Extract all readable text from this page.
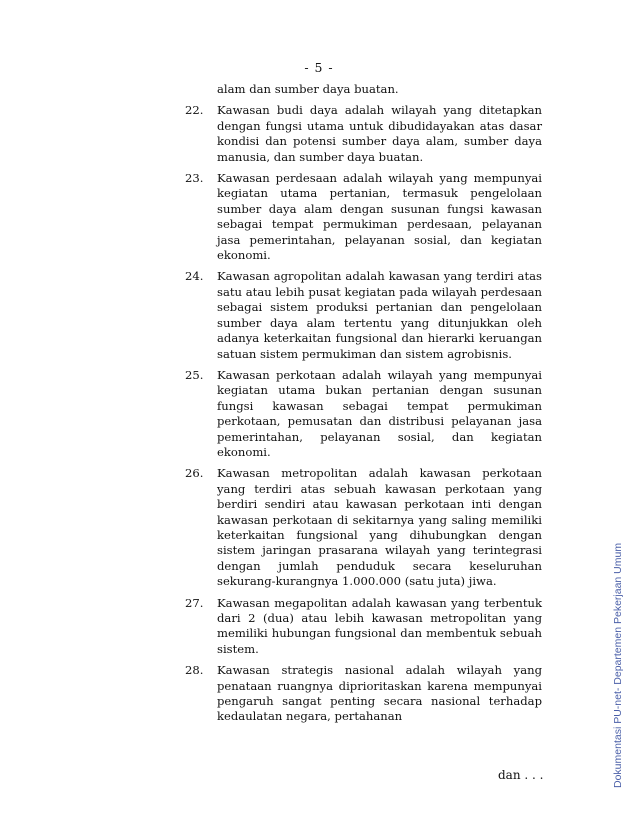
- 5 -
alam dan sumber daya buatan.
22.	Kawasan budi daya adalah wilayah yang ditetapkan dengan fungsi utama untuk dibudidayakan atas dasar kondisi dan potensi sumber daya alam, sumber daya manusia, dan sumber daya buatan.
23.	Kawasan perdesaan adalah wilayah yang mempunyai kegiatan utama pertanian, termasuk pengelolaan sumber daya alam dengan susunan fungsi kawasan sebagai tempat permukiman perdesaan, pelayanan jasa pemerintahan, pelayanan sosial, dan kegiatan ekonomi.
24.	Kawasan agropolitan adalah kawasan yang terdiri atas satu atau lebih pusat kegiatan pada wilayah perdesaan sebagai sistem produksi pertanian dan pengelolaan sumber daya alam tertentu yang ditunjukkan oleh adanya keterkaitan fungsional dan hierarki keruangan satuan sistem permukiman dan sistem agrobisnis.
25.	Kawasan perkotaan adalah wilayah yang mempunyai kegiatan utama bukan pertanian dengan susunan fungsi kawasan sebagai tempat permukiman perkotaan, pemusatan dan distribusi pelayanan jasa pemerintahan, pelayanan sosial, dan kegiatan ekonomi.
26.	Kawasan metropolitan adalah kawasan perkotaan yang terdiri atas sebuah kawasan perkotaan yang berdiri sendiri atau kawasan perkotaan inti dengan kawasan perkotaan di sekitarnya yang saling memiliki keterkaitan fungsional yang dihubungkan dengan sistem jaringan prasarana wilayah yang terintegrasi dengan jumlah penduduk secara keseluruhan sekurang-kurangnya 1.000.000 (satu juta) jiwa.
27.	Kawasan megapolitan adalah kawasan yang terbentuk dari 2 (dua) atau lebih kawasan metropolitan yang memiliki hubungan fungsional dan membentuk sebuah sistem.
28.	Kawasan strategis nasional adalah wilayah yang penataan ruangnya diprioritaskan karena mempunyai pengaruh sangat penting secara nasional terhadap kedaulatan negara, pertahanan
dan . . .	Dokumentasi PU-net- Departemen Pekerjaan Umum
